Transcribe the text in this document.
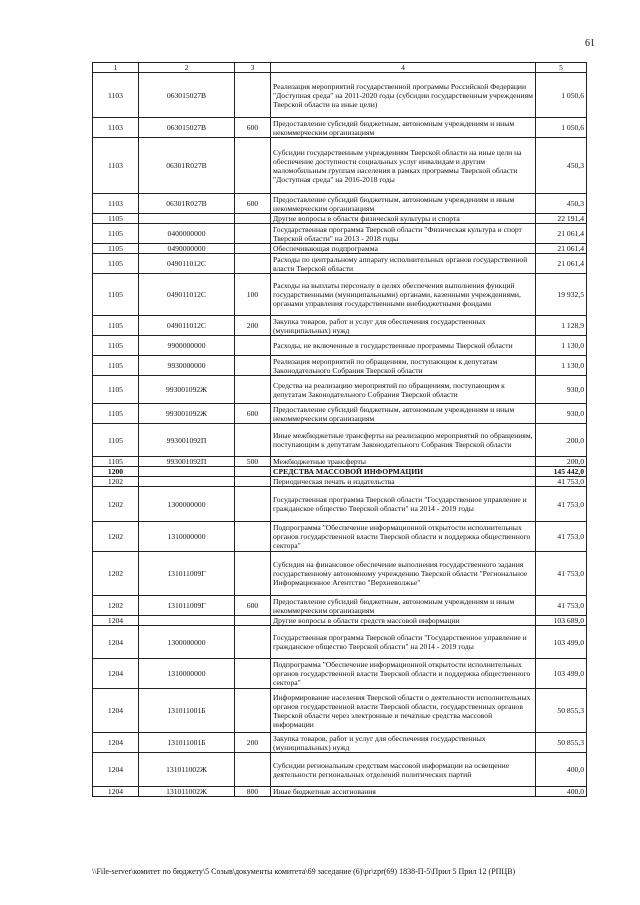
61
1	2	3	4	5
1103	063015027В		Реализация мероприятий государственной программы Российской Федерации "Доступная среда" на 2011-2020 годы (субсидии государственным учреждениям Тверской области на иные цели)	1 050,6
1103	063015027В	600	Предоставление субсидий бюджетным, автономным учреждениям и иным некоммерческим организациям	1 050,6
1103	06301R027В		Субсидии государственным учреждениям Тверской области на иные цели на обеспечение доступности социальных услуг инвалидам и другим маломобильным группам населения в рамках программы Тверской области "Доступная среда" на 2016-2018 годы	450,3
1103	06301R027В	600	Предоставление субсидий бюджетным, автономным учреждениям и иным некоммерческим организациям	450,3
1105			Другие вопросы в области физической культуры и спорта	22 191,4
1105	0400000000		Государственная программа Тверской области "Физическая культура и спорт Тверской области" на 2013 - 2018 годы	21 061,4
1105	0490000000		Обеспечивающая подпрограмма	21 061,4
1105	049011012С		Расходы по центральному аппарату исполнительных органов государственной власти Тверской области	21 061,4
1105	049011012С	100	Расходы на выплаты персоналу в целях обеспечения выполнения функций государственными (муниципальными) органами, казенными учреждениями, органами управления государственными внебюджетными фондами	19 932,5
1105	049011012С	200	Закупка товаров, работ и услуг для обеспечения государственных (муниципальных) нужд	1 128,9
1105	9900000000		Расходы, не включенные в государственные программы Тверской области	1 130,0
1105	9930000000		Реализация мероприятий по обращениям, поступающим к депутатам Законодательного Собрания Тверской области	1 130,0
1105	993001092Ж		Средства на реализацию мероприятий по обращениям, поступающим к депутатам Законодательного Собрания Тверской области	930,0
1105	993001092Ж	600	Предоставление субсидий бюджетным, автономным учреждениям и иным некоммерческим организациям	930,0
1105	993001092П		Иные межбюджетные трансферты на реализацию мероприятий по обращениям, поступающим к депутатам Законодательного Собрания Тверской области	200,0
1105	993001092П	500	Межбюджетные трансферты	200,0
1200			СРЕДСТВА МАССОВОЙ ИНФОРМАЦИИ	145 442,0
1202			Периодическая печать и издательства	41 753,0
1202	1300000000		Государственная программа Тверской области "Государственное управление и гражданское общество Тверской области" на 2014 - 2019 годы	41 753,0
1202	1310000000		Подпрограмма "Обеспечение информационной открытости исполнительных органов государственной власти Тверской области и поддержка общественного сектора"	41 753,0
1202	131011009Г		Субсидия на финансовое обеспечение выполнения государственного задания государственному автономному учреждению Тверской области "Региональное Информационное Агентство "Верхневолжье"	41 753,0
1202	131011009Г	600	Предоставление субсидий бюджетным, автономным учреждениям и иным некоммерческим организациям	41 753,0
1204			Другие вопросы в области средств массовой информации	103 689,0
1204	1300000000		Государственная программа Тверской области "Государственное управление и гражданское общество Тверской области" на 2014 - 2019 годы	103 499,0
1204	1310000000		Подпрограмма "Обеспечение информационной открытости исполнительных органов государственной власти Тверской области и поддержка общественного сектора"	103 499,0
1204	131011001Б		Информирование населения Тверской области о деятельности исполнительных органов государственной власти Тверской области, государственных органов Тверской области через электронные и печатные средства массовой информации	50 855,3
1204	131011001Б	200	Закупка товаров, работ и услуг для обеспечения государственных (муниципальных) нужд	50 855,3
1204	131011002Ж		Субсидии региональным средствам массовой информации на освещение деятельности региональных отделений политических партий	400,0
1204	131011002Ж	800	Иные бюджетные ассигнования	400,0
\\File-server\комитет по бюджету\5 Созыв\документы комитета\69 заседание (6)\pr\zpr(69) 1838-П-5\Прил 5 Прил 12 (РПЦВ)
